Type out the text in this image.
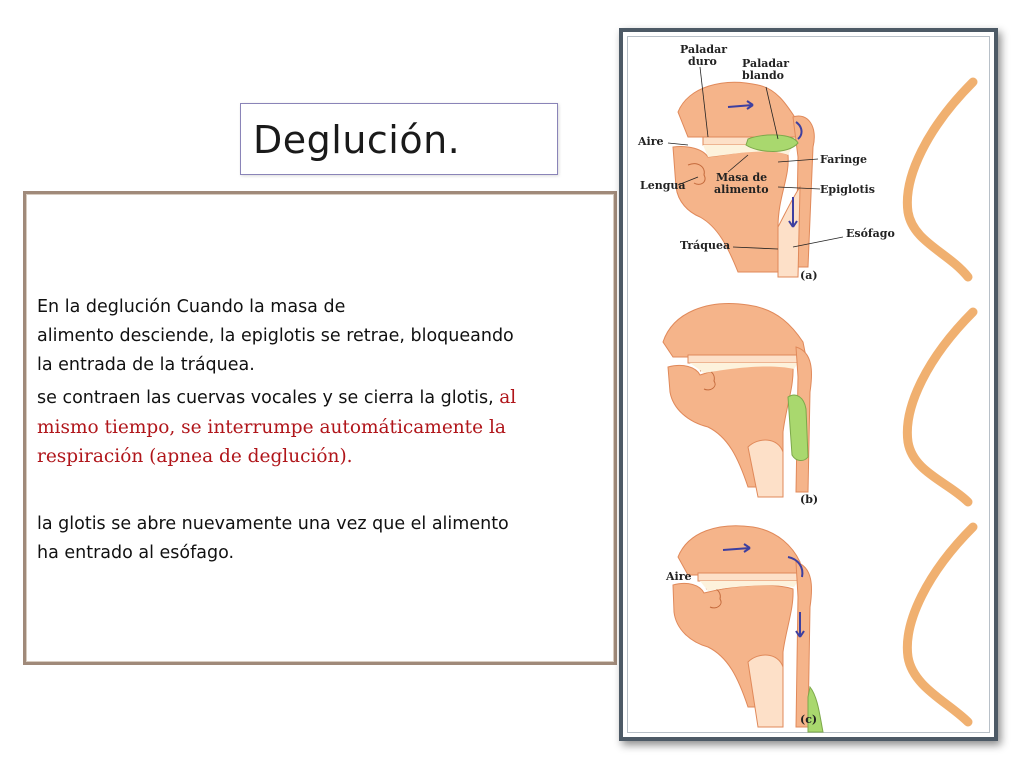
Deglución.
En la deglución Cuando la masa de
alimento desciende, la epiglotis se retrae, bloqueando
la entrada de la tráquea.
se contraen las cuervas vocales y se cierra la glotis, al
mismo tiempo, se interrumpe automáticamente la
respiración (apnea de deglución).
la glotis se abre nuevamente una vez que el alimento
ha entrado al esófago.
Paladar
duro Paladar
blando
Aire
Lengua
Masa de
alimento
Faringe
Epiglotis
Esófago
Tráquea
(a)
(b)
Aire
(c)
